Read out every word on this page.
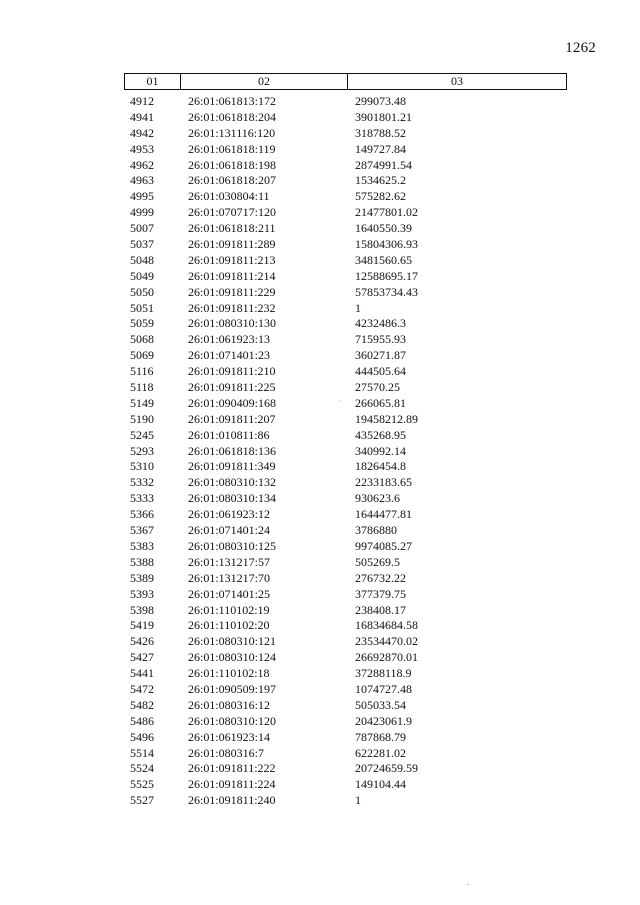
1262
01	02	03
4912	26:01:061813:172	299073.48
4941	26:01:061818:204	3901801.21
4942	26:01:131116:120	318788.52
4953	26:01:061818:119	149727.84
4962	26:01:061818:198	2874991.54
4963	26:01:061818:207	1534625.2
4995	26:01:030804:11	575282.62
4999	26:01:070717:120	21477801.02
5007	26:01:061818:211	1640550.39
5037	26:01:091811:289	15804306.93
5048	26:01:091811:213	3481560.65
5049	26:01:091811:214	12588695.17
5050	26:01:091811:229	57853734.43
5051	26:01:091811:232	1
5059	26:01:080310:130	4232486.3
5068	26:01:061923:13	715955.93
5069	26:01:071401:23	360271.87
5116	26:01:091811:210	444505.64
5118	26:01:091811:225	27570.25
5149	26:01:090409:168	266065.81
5190	26:01:091811:207	19458212.89
5245	26:01:010811:86	435268.95
5293	26:01:061818:136	340992.14
5310	26:01:091811:349	1826454.8
5332	26:01:080310:132	2233183.65
5333	26:01:080310:134	930623.6
5366	26:01:061923:12	1644477.81
5367	26:01:071401:24	3786880
5383	26:01:080310:125	9974085.27
5388	26:01:131217:57	505269.5
5389	26:01:131217:70	276732.22
5393	26:01:071401:25	377379.75
5398	26:01:110102:19	238408.17
5419	26:01:110102:20	16834684.58
5426	26:01:080310:121	23534470.02
5427	26:01:080310:124	26692870.01
5441	26:01:110102:18	37288118.9
5472	26:01:090509:197	1074727.48
5482	26:01:080316:12	505033.54
5486	26:01:080310:120	20423061.9
5496	26:01:061923:14	787868.79
5514	26:01:080316:7	622281.02
5524	26:01:091811:222	20724659.59
5525	26:01:091811:224	149104.44
5527	26:01:091811:240	1
